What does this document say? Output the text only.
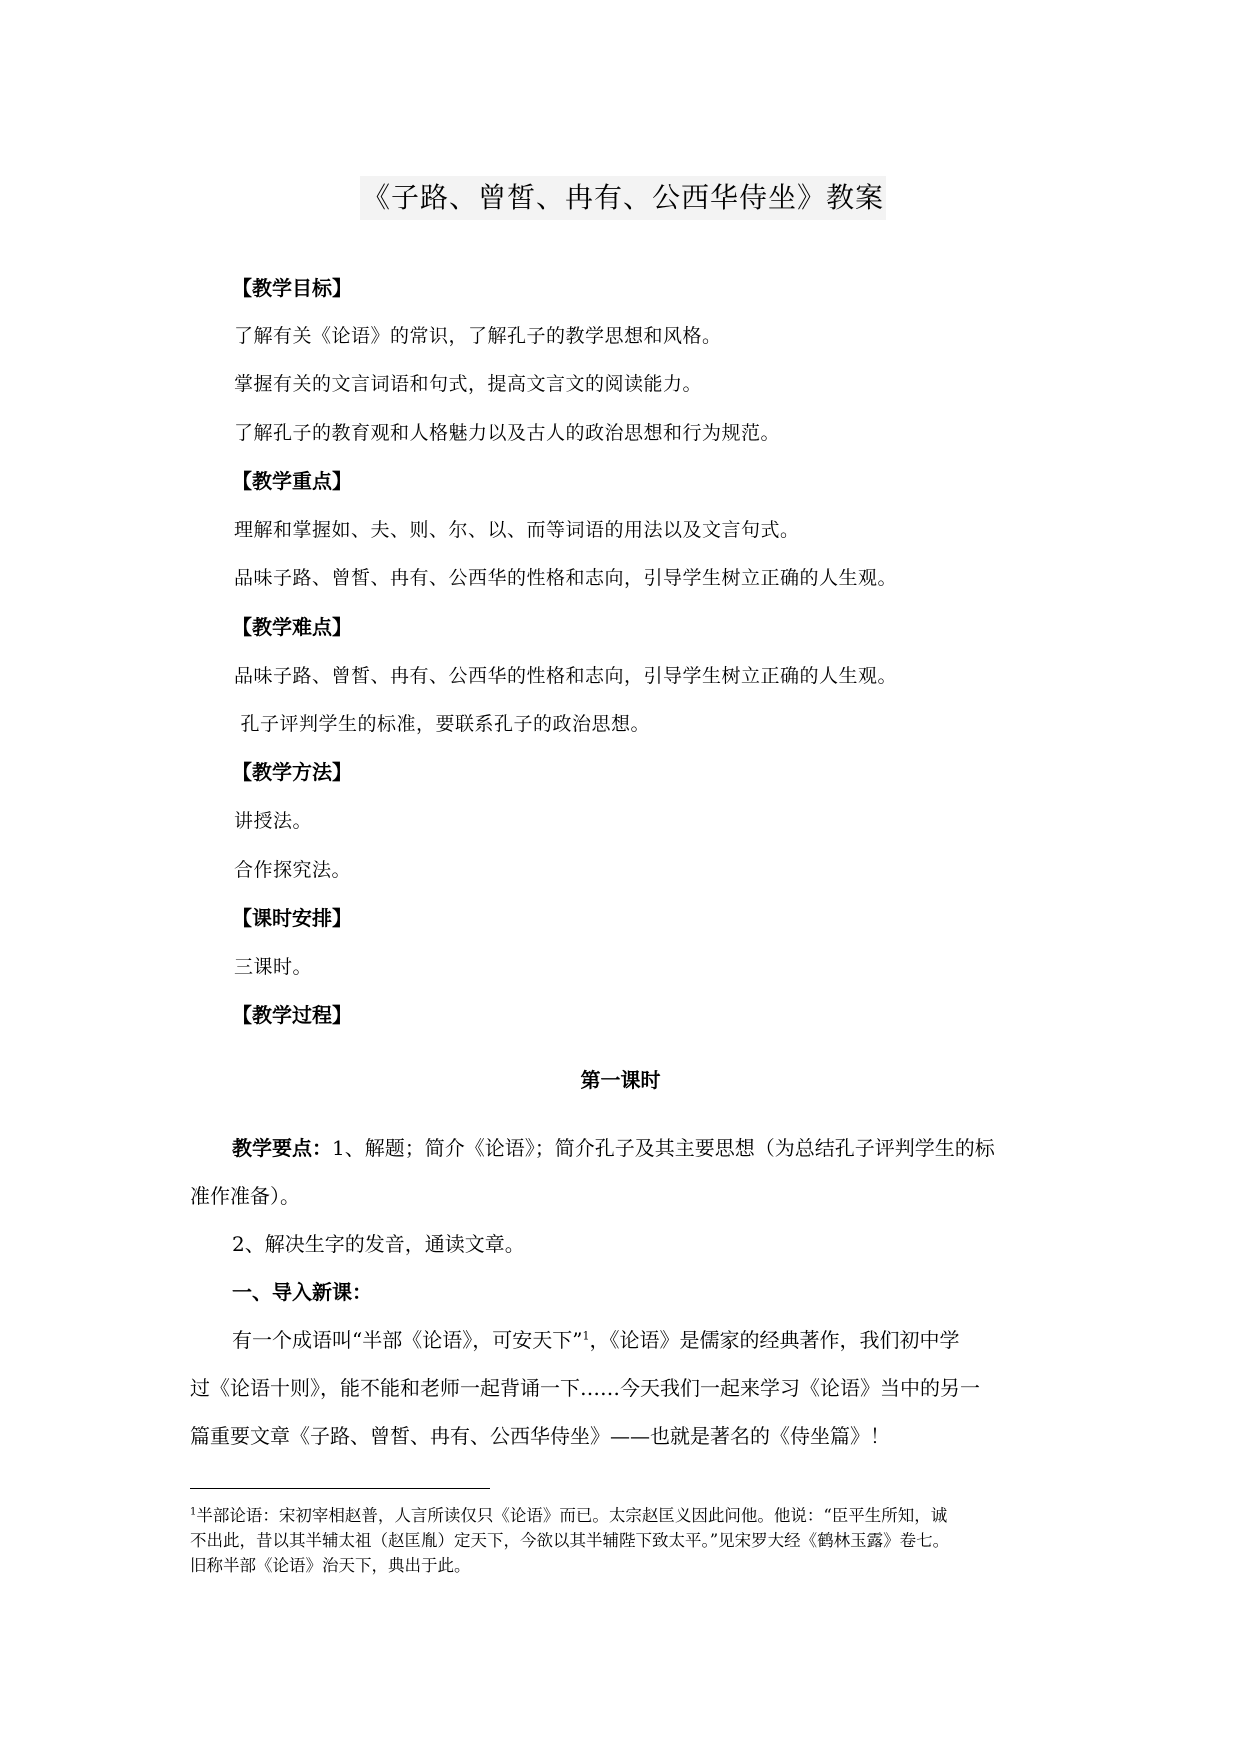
《子路、曾皙、冉有、公西华侍坐》教案
【教学目标】
了解有关《论语》的常识，了解孔子的教学思想和风格。
掌握有关的文言词语和句式，提高文言文的阅读能力。
了解孔子的教育观和人格魅力以及古人的政治思想和行为规范。
【教学重点】
理解和掌握如、夫、则、尔、以、而等词语的用法以及文言句式。
品味子路、曾皙、冉有、公西华的性格和志向，引导学生树立正确的人生观。
【教学难点】
品味子路、曾皙、冉有、公西华的性格和志向，引导学生树立正确的人生观。
孔子评判学生的标准，要联系孔子的政治思想。
【教学方法】
讲授法。
合作探究法。
【课时安排】
三课时。
【教学过程】
第一课时
教学要点：1、解题；简介《论语》；简介孔子及其主要思想（为总结孔子评判学生的标
准作准备）。
2、解决生字的发音，通读文章。
一、导入新课：
有一个成语叫“半部《论语》，可安天下”$^1$，《论语》是儒家的经典著作，我们初中学
过《论语十则》，能不能和老师一起背诵一下……今天我们一起来学习《论语》当中的另一
篇重要文章《子路、曾皙、冉有、公西华侍坐》——也就是著名的《侍坐篇》！
$^1$半部论语：宋初宰相赵普，人言所读仅只《论语》而已。太宗赵匡义因此问他。他说：“臣平生所知，诚
不出此，昔以其半辅太祖（赵匡胤）定天下，今欲以其半辅陛下致太平。”见宋罗大经《鹤林玉露》卷七。
旧称半部《论语》治天下，典出于此。
